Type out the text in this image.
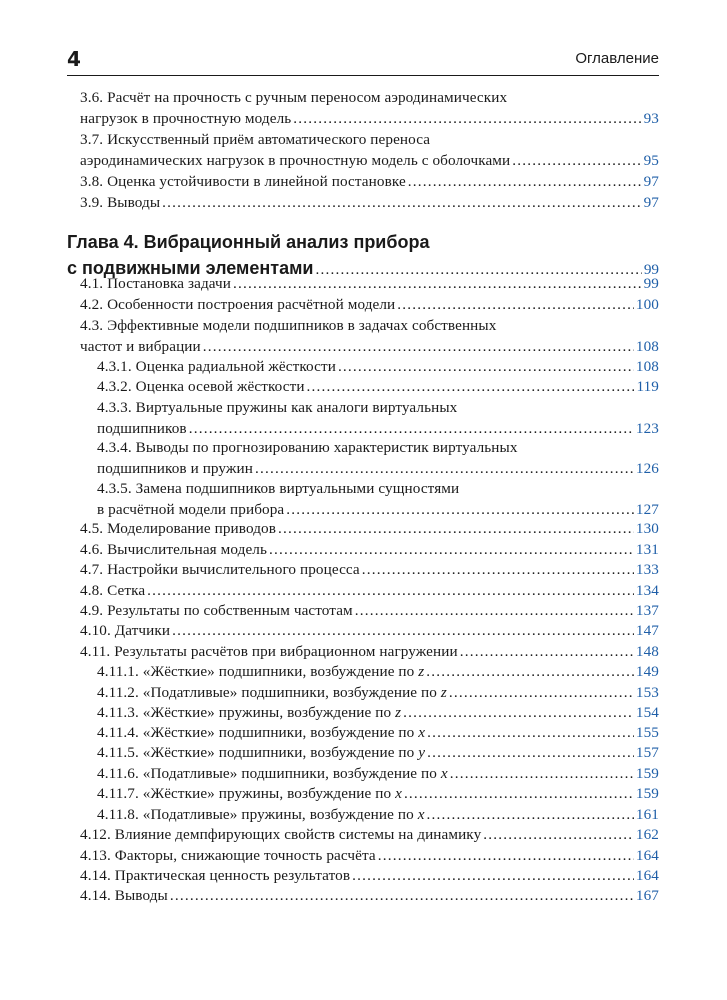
4	Оглавление
3.6. Расчёт на прочность с ручным переносом аэродинамических
нагрузок в прочностную модель .....	93
3.7. Искусственный приём автоматического переноса
аэродинамических нагрузок в прочностную модель с оболочками .....	95
3.8. Оценка устойчивости в линейной постановке .....	97
3.9. Выводы .....	97
Глава 4. Вибрационный анализ прибора
с подвижными элементами .....	99
4.1. Постановка задачи .....	99
4.2. Особенности построения расчётной модели .....	100
4.3. Эффективные модели подшипников в задачах собственных
частот и вибрации .....	108
4.3.1. Оценка радиальной жёсткости .....	108
4.3.2. Оценка осевой жёсткости .....	119
4.3.3. Виртуальные пружины как аналоги виртуальных
подшипников .....	123
4.3.4. Выводы по прогнозированию характеристик виртуальных
подшипников и пружин .....	126
4.3.5. Замена подшипников виртуальными сущностями
в расчётной модели прибора .....	127
4.5. Моделирование приводов .....	130
4.6. Вычислительная модель .....	131
4.7. Настройки вычислительного процесса .....	133
4.8. Сетка .....	134
4.9. Результаты по собственным частотам .....	137
4.10. Датчики .....	147
4.11. Результаты расчётов при вибрационном нагружении .....	148
4.11.1. «Жёсткие» подшипники, возбуждение по z .....	149
4.11.2. «Податливые» подшипники, возбуждение по z .....	153
4.11.3. «Жёсткие» пружины, возбуждение по z .....	154
4.11.4. «Жёсткие» подшипники, возбуждение по x .....	155
4.11.5. «Жёсткие» подшипники, возбуждение по y .....	157
4.11.6. «Податливые» подшипники, возбуждение по x .....	159
4.11.7. «Жёсткие» пружины, возбуждение по x .....	159
4.11.8. «Податливые» пружины, возбуждение по x .....	161
4.12. Влияние демпфирующих свойств системы на динамику .....	162
4.13. Факторы, снижающие точность расчёта .....	164
4.14. Практическая ценность результатов .....	164
4.14. Выводы .....	167
